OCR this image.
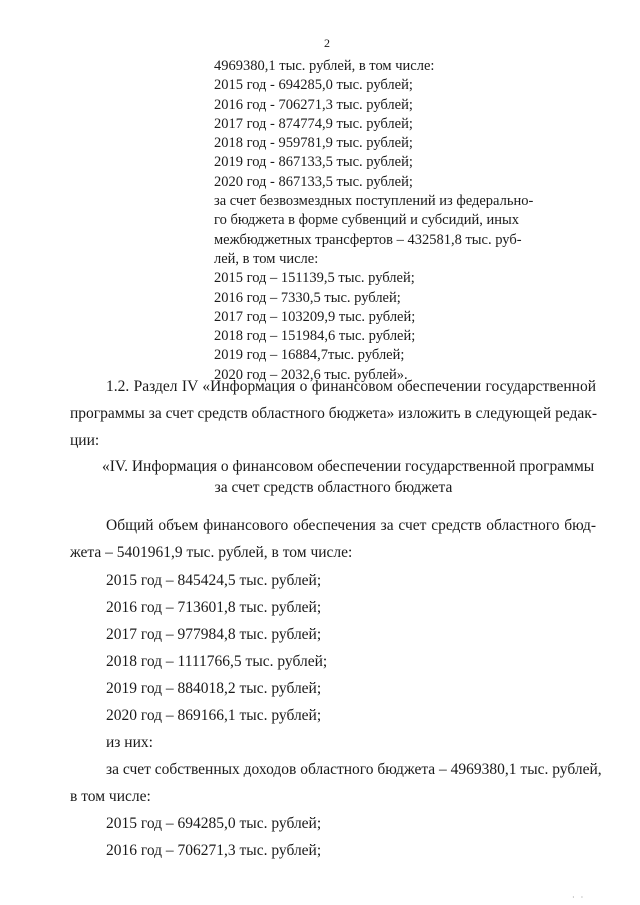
2
4969380,1 тыс. рублей, в том числе:
2015 год - 694285,0 тыс. рублей;
2016 год - 706271,3 тыс. рублей;
2017 год - 874774,9 тыс. рублей;
2018 год - 959781,9 тыс. рублей;
2019 год - 867133,5 тыс. рублей;
2020 год - 867133,5 тыс. рублей;
за счет безвозмездных поступлений из федерально-
го бюджета в форме субвенций и субсидий, иных
межбюджетных трансфертов – 432581,8 тыс. руб-
лей, в том числе:
2015 год – 151139,5 тыс. рублей;
2016 год – 7330,5 тыс. рублей;
2017 год – 103209,9 тыс. рублей;
2018 год – 151984,6 тыс. рублей;
2019 год – 16884,7тыс. рублей;
2020 год – 2032,6 тыс. рублей».
1.2. Раздел IV «Информация о финансовом обеспечении государственной
программы за счет средств областного бюджета» изложить в следующей редак-
ции:
«IV. Информация о финансовом обеспечении государственной программы
за счет средств областного бюджета
Общий объем финансового обеспечения за счет средств областного бюд-
жета – 5401961,9 тыс. рублей, в том числе:
2015 год – 845424,5 тыс. рублей;
2016 год – 713601,8 тыс. рублей;
2017 год – 977984,8 тыс. рублей;
2018 год – 1111766,5 тыс. рублей;
2019 год – 884018,2 тыс. рублей;
2020 год – 869166,1 тыс. рублей;
из них:
за счет собственных доходов областного бюджета – 4969380,1 тыс. рублей,
в том числе:
2015 год – 694285,0 тыс. рублей;
2016 год – 706271,3 тыс. рублей;
· ·
